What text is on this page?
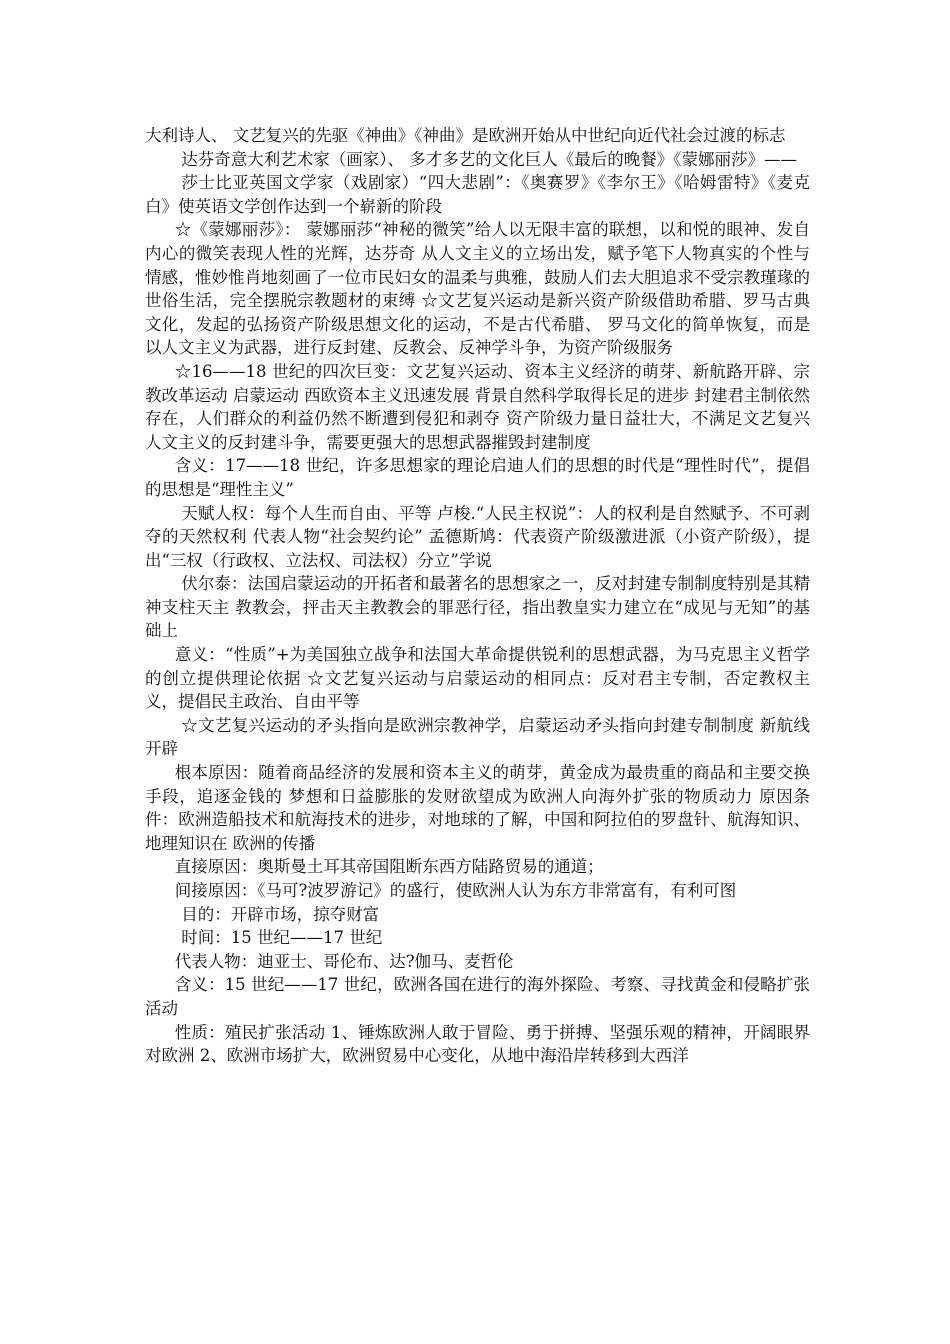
大利诗人、 文艺复兴的先驱《神曲》《神曲》是欧洲开始从中世纪向近代社会过渡的标志

达芬奇意大利艺术家（画家）、 多才多艺的文化巨人《最后的晚餐》《蒙娜丽莎》——

莎士比亚英国文学家（戏剧家）“四大悲剧”：《奥赛罗》《李尔王》《哈姆雷特》《麦克白》使英语文学创作达到一个崭新的阶段

☆《蒙娜丽莎》： 蒙娜丽莎“神秘的微笑”给人以无限丰富的联想，以和悦的眼神、发自内心的微笑表现人性的光辉，达芬奇 从人文主义的立场出发，赋予笔下人物真实的个性与情感，惟妙惟肖地刻画了一位市民妇女的温柔与典雅，鼓励人们去大胆追求不受宗教瑾瑑的世俗生活，完全摆脱宗教题材的束缚 ☆文艺复兴运动是新兴资产阶级借助希腊、罗马古典文化，发起的弘扬资产阶级思想文化的运动，不是古代希腊、 罗马文化的简单恢复，而是以人文主义为武器，进行反封建、反教会、反神学斗争，为资产阶级服务

☆16——18 世纪的四次巨变：文艺复兴运动、资本主义经济的萌芽、新航路开辟、宗教改革运动 启蒙运动 西欧资本主义迅速发展 背景自然科学取得长足的进步 封建君主制依然存在，人们群众的利益仍然不断遭到侵犯和剥夺 资产阶级力量日益壮大，不满足文艺复兴人文主义的反封建斗争，需要更强大的思想武器摧毁封建制度

含义：17——18 世纪，许多思想家的理论启迪人们的思想的时代是“理性时代”，提倡的思想是“理性主义”

天赋人权：每个人生而自由、平等 卢梭.“人民主权说”：人的权利是自然赋予、不可剥夺的天然权利 代表人物“社会契约论” 孟德斯鸠：代表资产阶级激进派（小资产阶级），提出“三权（行政权、立法权、司法权）分立”学说

伏尔泰：法国启蒙运动的开拓者和最著名的思想家之一，反对封建专制制度特别是其精神支柱天主 教教会，抨击天主教教会的罪恶行径，指出教皇实力建立在“成见与无知”的基础上

意义：“性质”+为美国独立战争和法国大革命提供锐利的思想武器，为马克思主义哲学的创立提供理论依据 ☆文艺复兴运动与启蒙运动的相同点：反对君主专制，否定教权主义，提倡民主政治、自由平等

☆文艺复兴运动的矛头指向是欧洲宗教神学，启蒙运动矛头指向封建专制制度 新航线开辟

根本原因：随着商品经济的发展和资本主义的萌芽，黄金成为最贵重的商品和主要交换手段，追逐金钱的 梦想和日益膨胀的发财欲望成为欧洲人向海外扩张的物质动力 原因条件：欧洲造船技术和航海技术的进步，对地球的了解，中国和阿拉伯的罗盘针、航海知识、地理知识在 欧洲的传播

直接原因：奥斯曼土耳其帝国阻断东西方陆路贸易的通道；

间接原因：《马可?波罗游记》的盛行，使欧洲人认为东方非常富有，有利可图

目的：开辟市场，掠夺财富

时间：15 世纪——17 世纪

代表人物：迪亚士、哥伦布、达?伽马、麦哲伦

含义：15 世纪——17 世纪，欧洲各国在进行的海外探险、考察、寻找黄金和侵略扩张活动

性质：殖民扩张活动 1、锤炼欧洲人敢于冒险、勇于拼搏、坚强乐观的精神，开阔眼界对欧洲 2、欧洲市场扩大，欧洲贸易中心变化，从地中海沿岸转移到大西洋
